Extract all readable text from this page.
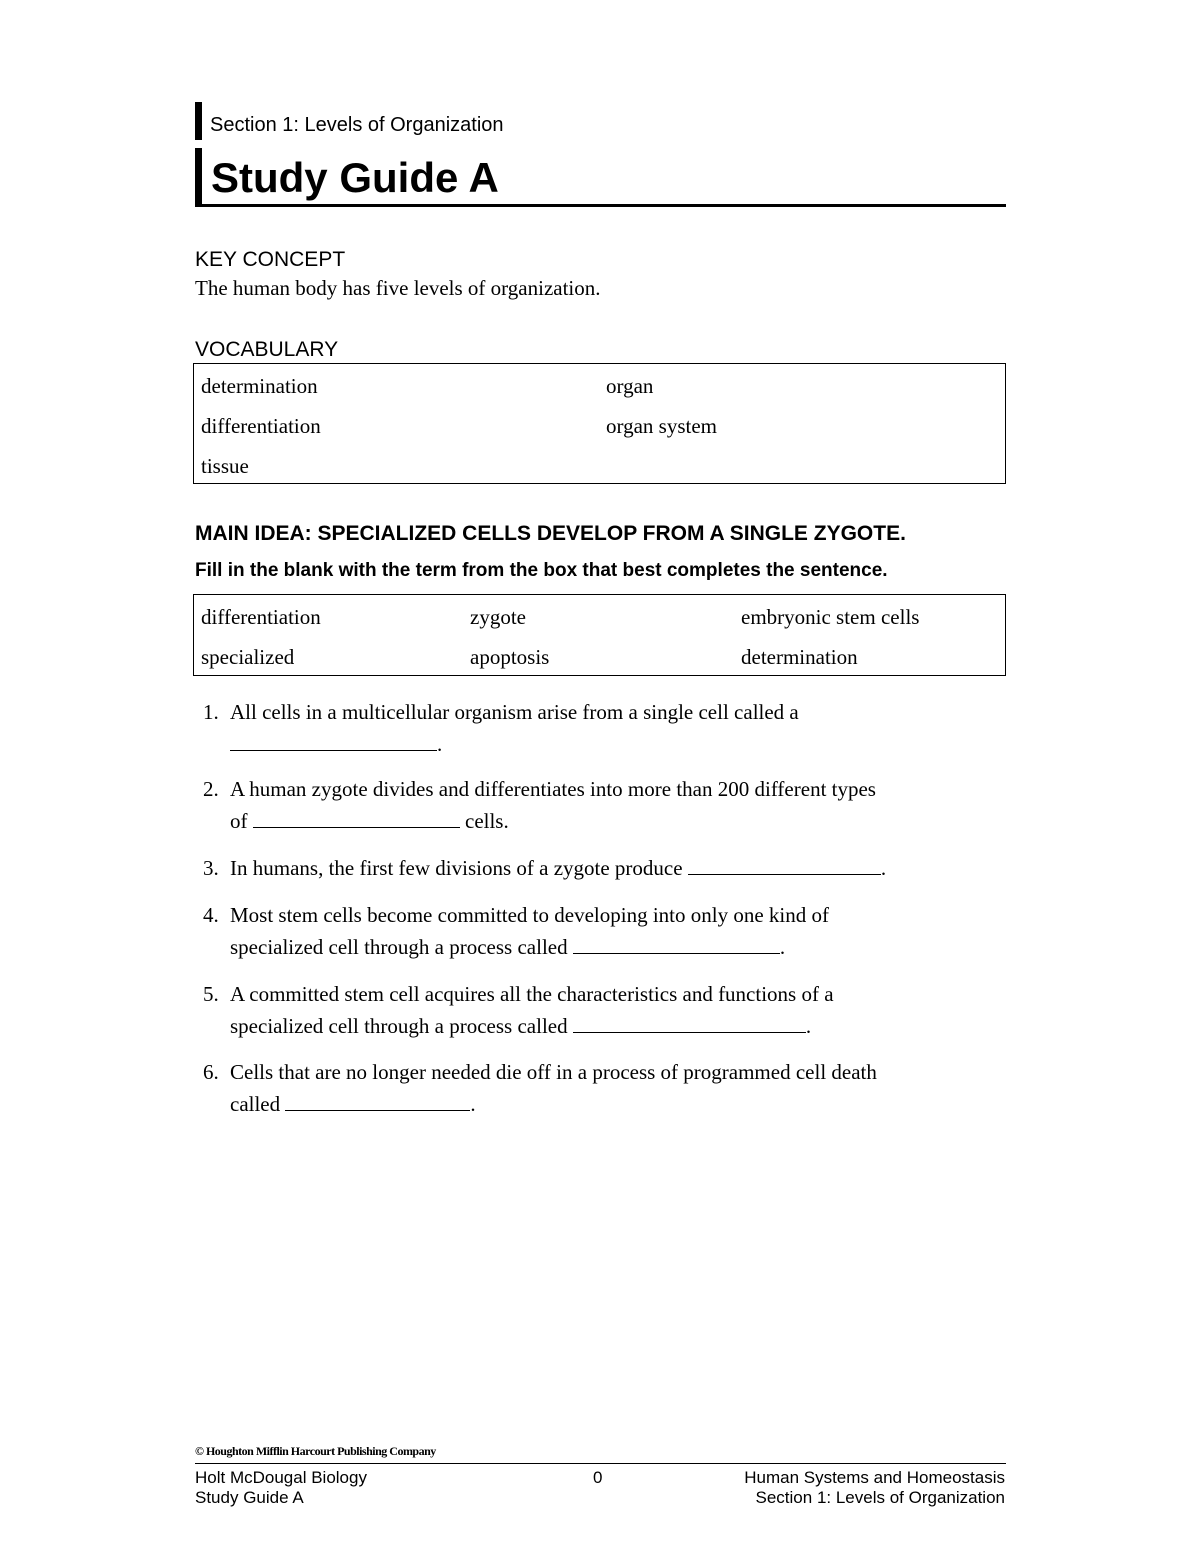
Section 1: Levels of Organization
Study Guide A
KEY CONCEPT
The human body has five levels of organization.
VOCABULARY
determination	organ
differentiation	organ system
tissue
MAIN IDEA: SPECIALIZED CELLS DEVELOP FROM A SINGLE ZYGOTE.
Fill in the blank with the term from the box that best completes the sentence.
differentiation	zygote	embryonic stem cells
specialized	apoptosis	determination
1. All cells in a multicellular organism arise from a single cell called a
.
2. A human zygote divides and differentiates into more than 200 different types
of	cells.
3. In humans, the first few divisions of a zygote produce	.
4. Most stem cells become committed to developing into only one kind of
specialized cell through a process called	.
5. A committed stem cell acquires all the characteristics and functions of a
specialized cell through a process called	.
6. Cells that are no longer needed die off in a process of programmed cell death
called	.
© Houghton Mifflin Harcourt Publishing Company
Holt McDougal Biology
Study Guide A
0	Human Systems and Homeostasis
Section 1: Levels of Organization
